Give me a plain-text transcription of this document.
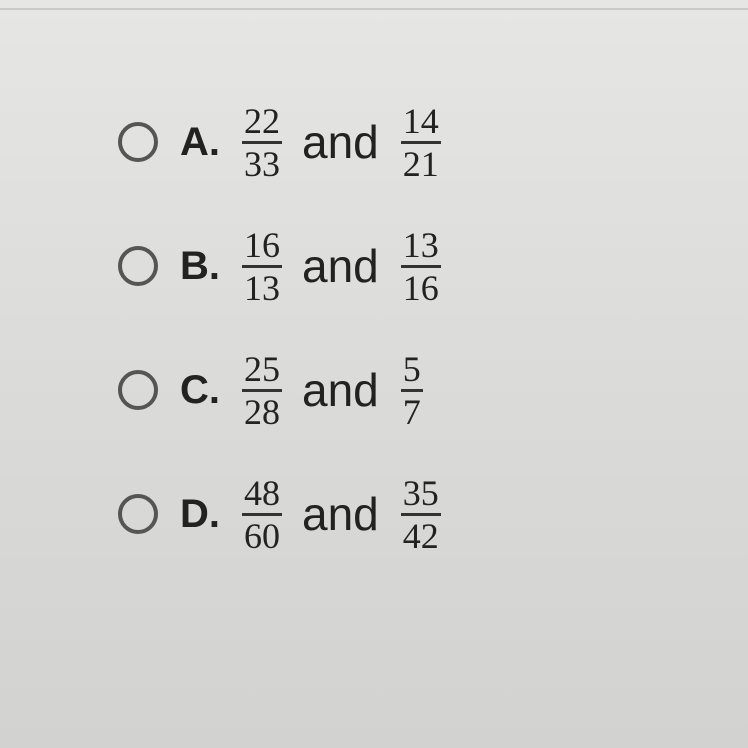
A. $\frac{22}{33}$ and $\frac{14}{21}$
B. $\frac{16}{13}$ and $\frac{13}{16}$
C. $\frac{25}{28}$ and $\frac{5}{7}$
D. $\frac{48}{60}$ and $\frac{35}{42}$
